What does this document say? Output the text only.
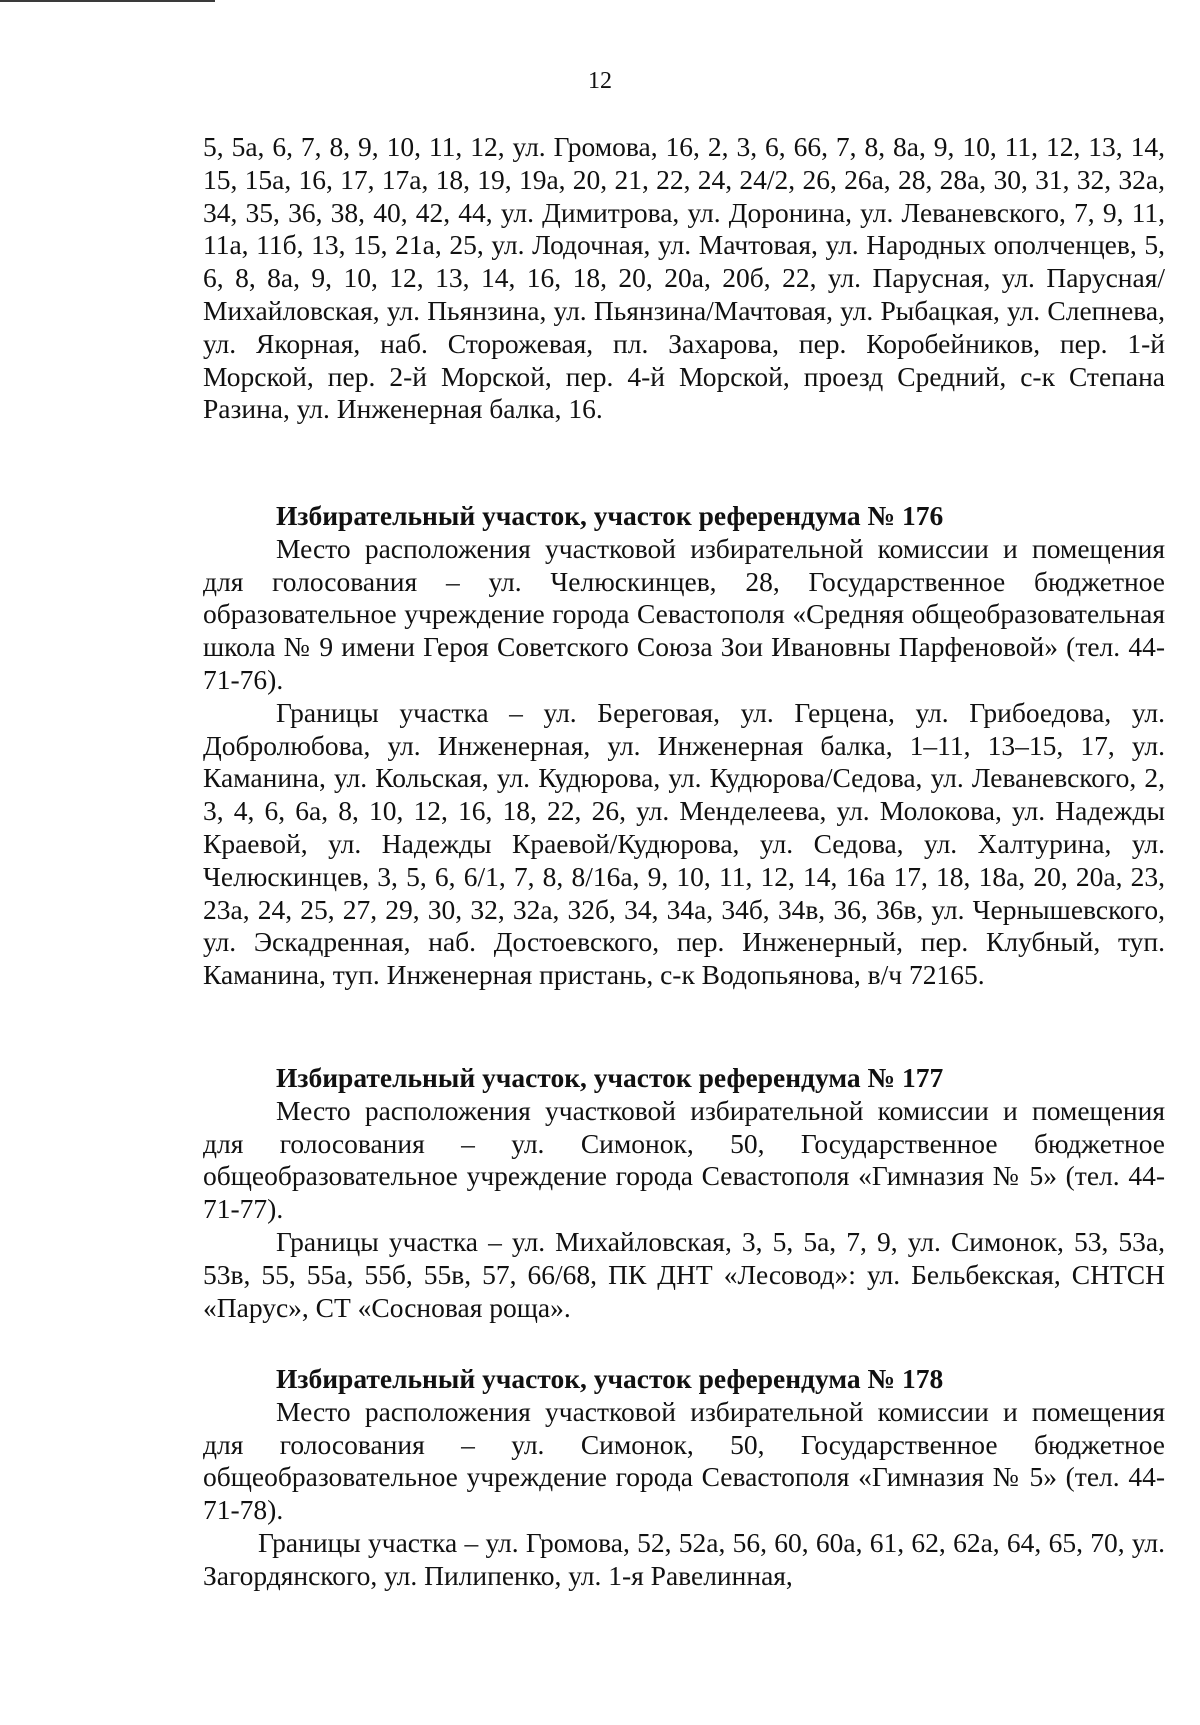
12

5, 5а, 6, 7, 8, 9, 10, 11, 12, ул. Громова, 16, 2, 3, 6, 66, 7, 8, 8а, 9, 10, 11, 12, 13, 14, 15, 15а, 16, 17, 17а, 18, 19, 19а, 20, 21, 22, 24, 24/2, 26, 26а, 28, 28а, 30, 31, 32, 32а, 34, 35, 36, 38, 40, 42, 44, ул. Димитрова, ул. Доронина, ул. Леваневского, 7, 9, 11, 11а, 11б, 13, 15, 21а, 25, ул. Лодочная, ул. Мачтовая, ул. Народных ополченцев, 5, 6, 8, 8а, 9, 10, 12, 13, 14, 16, 18, 20, 20а, 20б, 22, ул. Парусная, ул. Парусная/Михайловская, ул. Пьянзина, ул. Пьянзина/Мачтовая, ул. Рыбацкая, ул. Слепнева, ул. Якорная, наб. Сторожевая, пл. Захарова, пер. Коробейников, пер. 1-й Морской, пер. 2-й Морской, пер. 4-й Морской, проезд Средний, с-к Степана Разина, ул. Инженерная балка, 16.

Избирательный участок, участок референдума № 176

Место расположения участковой избирательной комиссии и помещения для голосования – ул. Челюскинцев, 28, Государственное бюджетное образовательное учреждение города Севастополя «Средняя общеобразовательная школа № 9 имени Героя Советского Союза Зои Ивановны Парфеновой» (тел. 44-71-76).

Границы участка – ул. Береговая, ул. Герцена, ул. Грибоедова, ул. Добролюбова, ул. Инженерная, ул. Инженерная балка, 1–11, 13–15, 17, ул. Каманина, ул. Кольская, ул. Кудюрова, ул. Кудюрова/Седова, ул. Леваневского, 2, 3, 4, 6, 6а, 8, 10, 12, 16, 18, 22, 26, ул. Менделеева, ул. Молокова, ул. Надежды Краевой, ул. Надежды Краевой/Кудюрова, ул. Седова, ул. Халтурина, ул. Челюскинцев, 3, 5, 6, 6/1, 7, 8, 8/16а, 9, 10, 11, 12, 14, 16а 17, 18, 18а, 20, 20а, 23, 23а, 24, 25, 27, 29, 30, 32, 32а, 32б, 34, 34а, 34б, 34в, 36, 36в, ул. Чернышевского, ул. Эскадренная, наб. Достоевского, пер. Инженерный, пер. Клубный, туп. Каманина, туп. Инженерная пристань, с-к Водопьянова, в/ч 72165.

Избирательный участок, участок референдума № 177

Место расположения участковой избирательной комиссии и помещения для голосования – ул. Симонок, 50, Государственное бюджетное общеобразовательное учреждение города Севастополя «Гимназия № 5» (тел. 44-71-77).

Границы участка – ул. Михайловская, 3, 5, 5а, 7, 9, ул. Симонок, 53, 53а, 53в, 55, 55а, 55б, 55в, 57, 66/68, ПК ДНТ «Лесовод»: ул. Бельбекская, СНТСН «Парус», СТ «Сосновая роща».

Избирательный участок, участок референдума № 178

Место расположения участковой избирательной комиссии и помещения для голосования – ул. Симонок, 50, Государственное бюджетное общеобразовательное учреждение города Севастополя «Гимназия № 5» (тел. 44-71-78).

Границы участка – ул. Громова, 52, 52а, 56, 60, 60а, 61, 62, 62а, 64, 65, 70, ул. Загордянского, ул. Пилипенко, ул. 1-я Равелинная,
